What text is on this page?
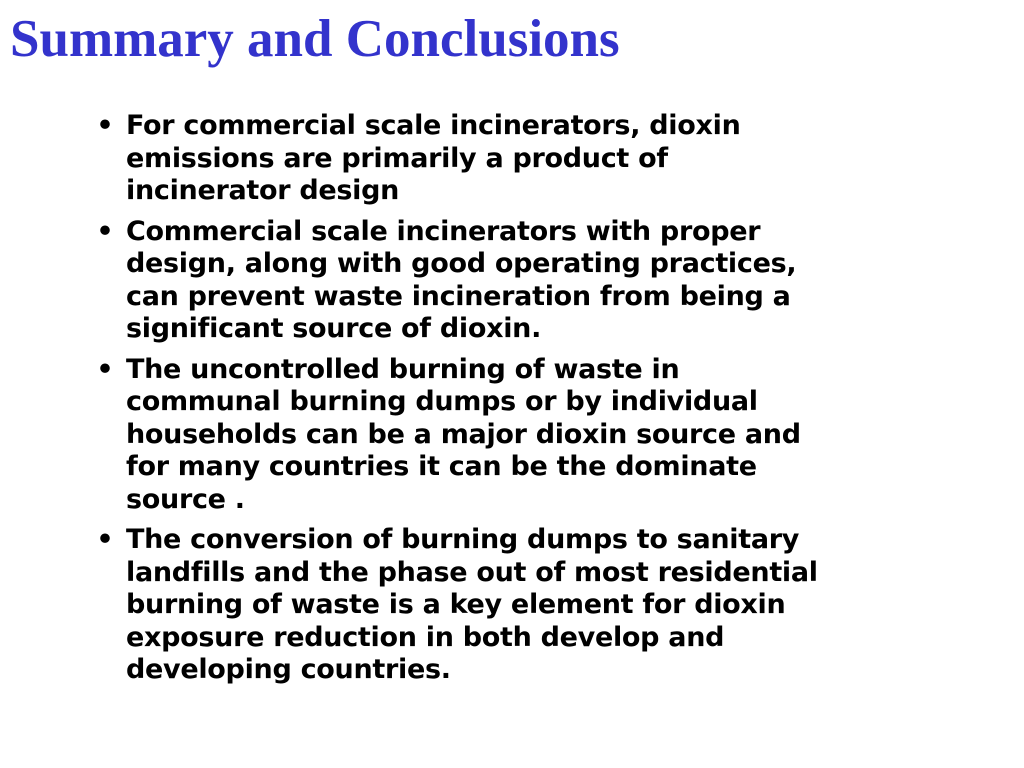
Summary and Conclusions
• For commercial scale incinerators, dioxin
emissions are primarily a product of
incinerator design
• Commercial scale incinerators with proper
design, along with good operating practices,
can prevent waste incineration from being a
significant source of dioxin.
• The uncontrolled burning of waste in
communal burning dumps or by individual
households can be a major dioxin source and
for many countries it can be the dominate
source .
• The conversion of burning dumps to sanitary
landfills and the phase out of most residential
burning of waste is a key element for dioxin
exposure reduction in both develop and
developing countries.
